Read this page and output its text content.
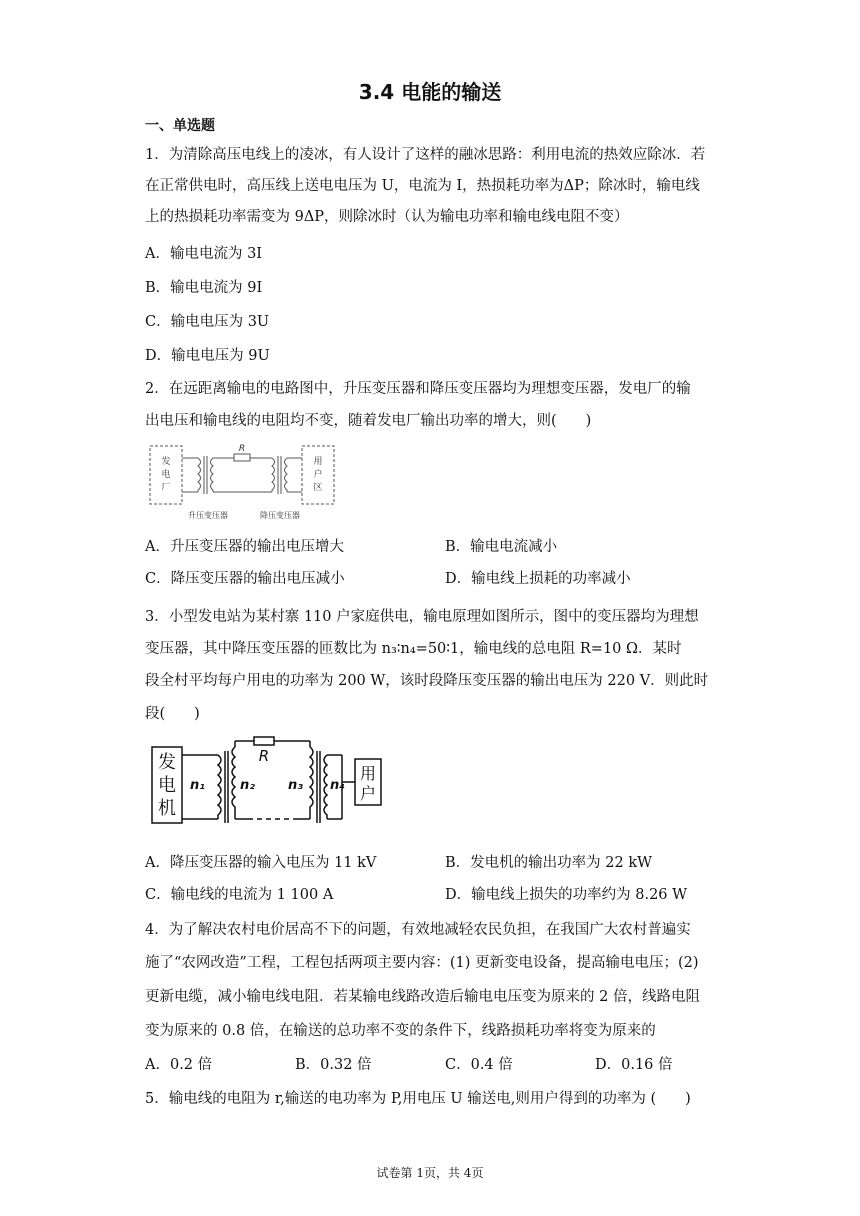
3.4 电能的输送
一、单选题
1．为清除高压电线上的凌冰，有人设计了这样的融冰思路：利用电流的热效应除冰．若
在正常供电时，高压线上送电电压为 U，电流为 I，热损耗功率为ΔP；除冰时，输电线
上的热损耗功率需变为 9ΔP，则除冰时（认为输电功率和输电线电阻不变）
A．输电电流为 3I
B．输电电流为 9I
C．输电电压为 3U
D．输电电压为 9U
2．在远距离输电的电路图中，升压变压器和降压变压器均为理想变压器，发电厂的输
出电压和输电线的电阻均不变，随着发电厂输出功率的增大，则(　　)
发
电
厂
用
户
区
R
升压变压器	降压变压器
A．升压变压器的输出电压增大	B．输电电流减小
C．降压变压器的输出电压减小	D．输电线上损耗的功率减小
3．小型发电站为某村寨 110 户家庭供电，输电原理如图所示，图中的变压器均为理想
变压器，其中降压变压器的匝数比为 n₃∶n₄=50∶1，输电线的总电阻 R=10 Ω．某时
段全村平均每户用电的功率为 200 W，该时段降压变压器的输出电压为 220 V．则此时
段(　　)
发
电
机
用
户
R
n₁	n₂	n₃ n₄
A．降压变压器的输入电压为 11 kV	B．发电机的输出功率为 22 kW
C．输电线的电流为 1 100 A	D．输电线上损失的功率约为 8.26 W
4．为了解决农村电价居高不下的问题，有效地减轻农民负担，在我国广大农村普遍实
施了“农网改造”工程，工程包括两项主要内容：(1) 更新变电设备，提高输电电压；(2)
更新电缆，减小输电线电阻．若某输电线路改造后输电电压变为原来的 2 倍，线路电阻
变为原来的 0.8 倍，在输送的总功率不变的条件下，线路损耗功率将变为原来的
A．0.2 倍	B．0.32 倍	C．0.4 倍	D．0.16 倍
5．输电线的电阻为 r,输送的电功率为 P,用电压 U 输送电,则用户得到的功率为 (　　)
试卷第 1页，共 4页
